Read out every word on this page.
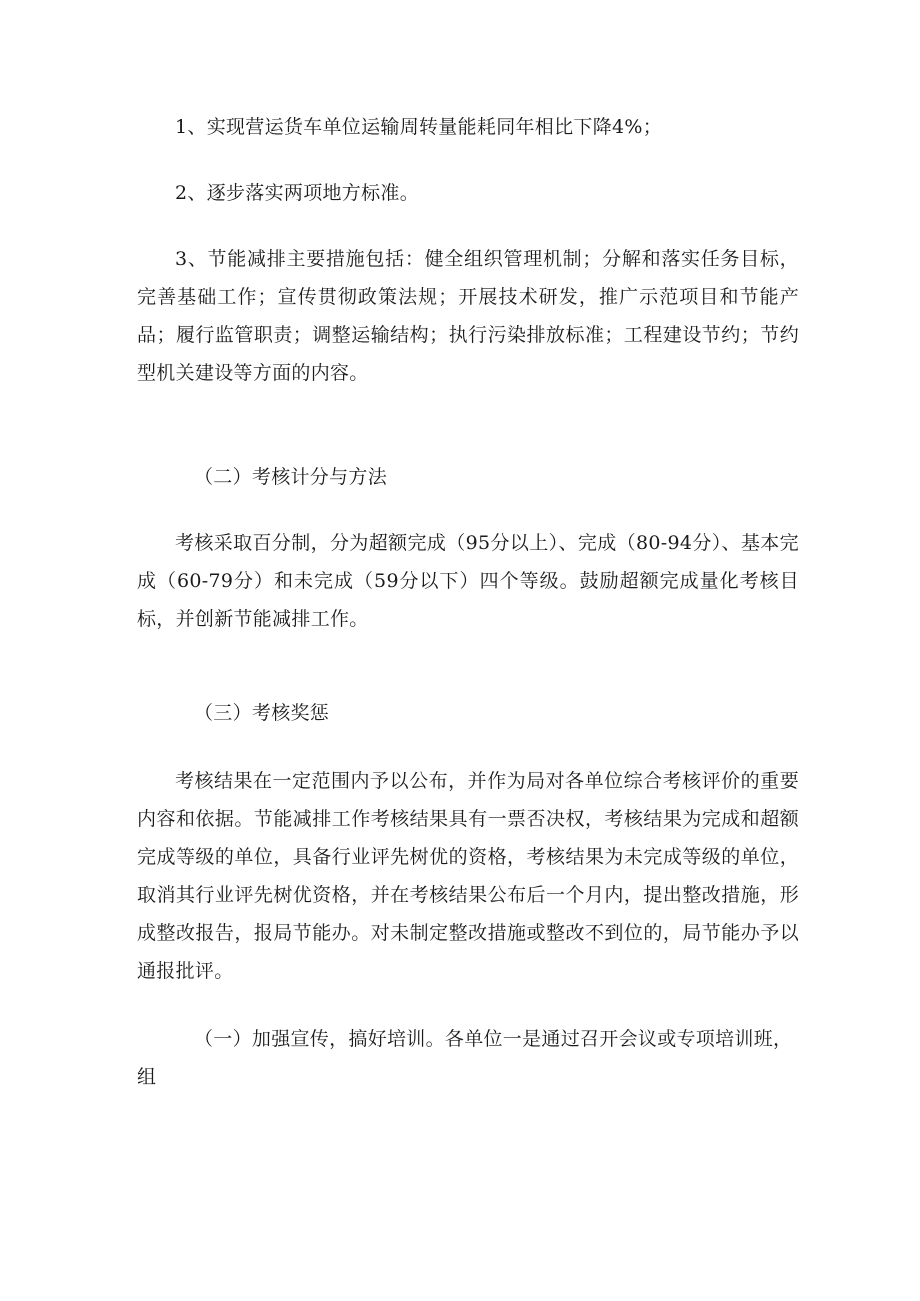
1、实现营运货车单位运输周转量能耗同年相比下降4%；

2、逐步落实两项地方标准。

3、节能减排主要措施包括：健全组织管理机制；分解和落实任务目标，完善基础工作；宣传贯彻政策法规；开展技术研发，推广示范项目和节能产品；履行监管职责；调整运输结构；执行污染排放标准；工程建设节约；节约型机关建设等方面的内容。

（二）考核计分与方法

考核采取百分制，分为超额完成（95分以上）、完成（80-94分）、基本完成（60-79分）和未完成（59分以下）四个等级。鼓励超额完成量化考核目标，并创新节能减排工作。

（三）考核奖惩

考核结果在一定范围内予以公布，并作为局对各单位综合考核评价的重要内容和依据。节能减排工作考核结果具有一票否决权，考核结果为完成和超额完成等级的单位，具备行业评先树优的资格，考核结果为未完成等级的单位，取消其行业评先树优资格，并在考核结果公布后一个月内，提出整改措施，形成整改报告，报局节能办。对未制定整改措施或整改不到位的，局节能办予以通报批评。

（一）加强宣传，搞好培训。各单位一是通过召开会议或专项培训班，组
